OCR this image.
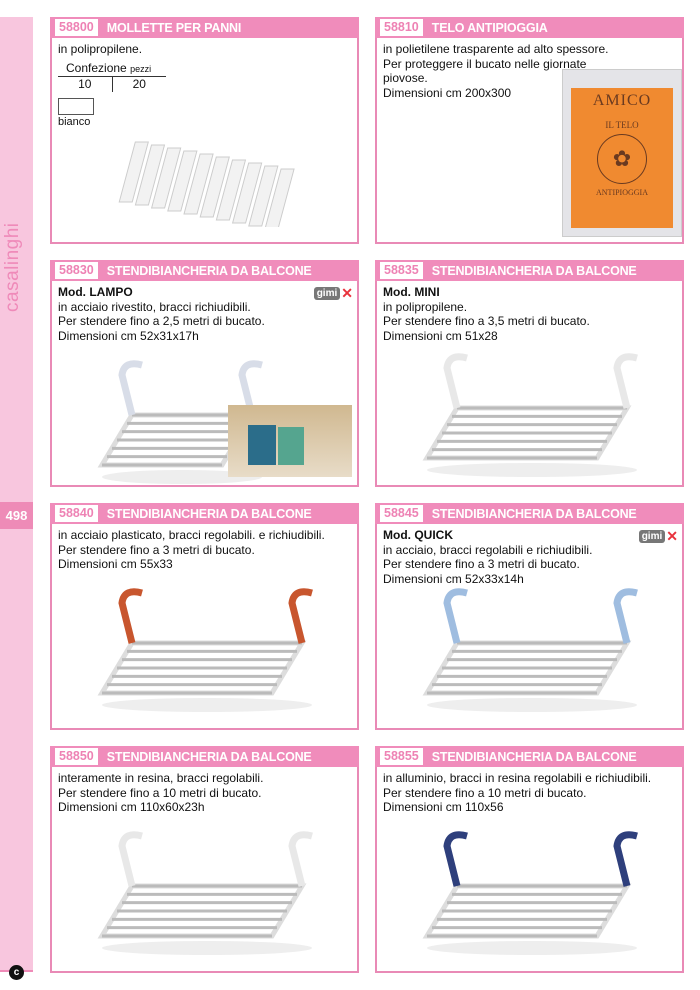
casalinghi
498
c
58800	MOLLETTE PER PANNI
in polipropilene.
Confezione pezzi
10	20
bianco
58810	TELO ANTIPIOGGIA
in polietilene trasparente ad alto spessore.
Per proteggere il bucato nelle giornate
piovose.
Dimensioni cm 200x300	AMICO
IL TELO
✿
ANTIPIOGGIA
58830	STENDIBIANCHERIA DA BALCONE
gimi ✕
Mod. LAMPO
in acciaio rivestito, bracci richiudibili.
Per stendere fino a 2,5 metri di bucato.
Dimensioni cm 52x31x17h
58835	STENDIBIANCHERIA DA BALCONE
Mod. MINI
in polipropilene.
Per stendere fino a 3,5 metri di bucato.
Dimensioni cm 51x28
58840	STENDIBIANCHERIA DA BALCONE
in acciaio plasticato, bracci regolabili. e richiudibili.
Per stendere fino a 3 metri di bucato.
Dimensioni cm 55x33
58845	STENDIBIANCHERIA DA BALCONE
gimi ✕
Mod. QUICK
in acciaio, bracci regolabili e richiudibili.
Per stendere fino a 3 metri di bucato.
Dimensioni cm 52x33x14h
58850	STENDIBIANCHERIA DA BALCONE
interamente in resina, bracci regolabili.
Per stendere fino a 10 metri di bucato.
Dimensioni cm 110x60x23h
58855	STENDIBIANCHERIA DA BALCONE
in alluminio, bracci in resina regolabili e richiudibili.
Per stendere fino a 10 metri di bucato.
Dimensioni cm 110x56
